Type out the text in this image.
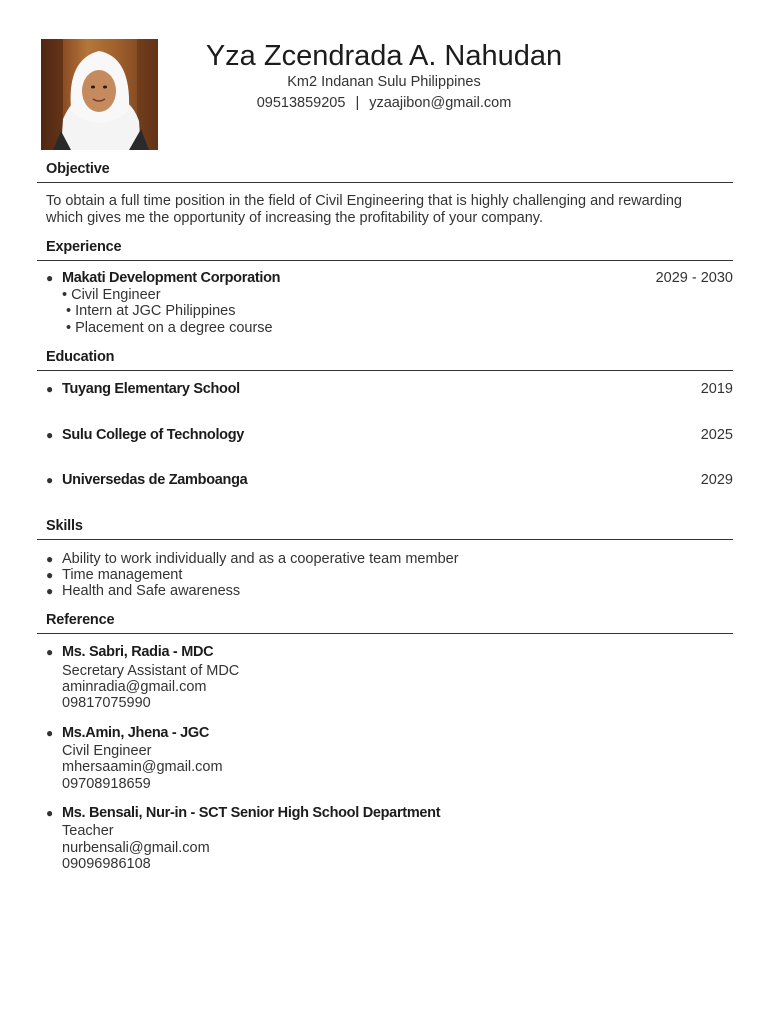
Yza Zcendrada A. Nahudan
Km2 Indanan Sulu Philippines
09513859205 | yzaajibon@gmail.com
Objective
To obtain a full time position in the field of Civil Engineering that is highly challenging and rewarding
which gives me the opportunity of increasing the profitability of your company.
Experience
● Makati Development Corporation	2029 - 2030
• Civil Engineer
• Intern at JGC Philippines
• Placement on a degree course
Education
● Tuyang Elementary School	2019
● Sulu College of Technology	2025
● Universedas de Zamboanga	2029
Skills
● Ability to work individually and as a cooperative team member
● Time management
● Health and Safe awareness
Reference
● Ms. Sabri, Radia - MDC
Secretary Assistant of MDC
aminradia@gmail.com
09817075990
● Ms.Amin, Jhena - JGC
Civil Engineer
mhersaamin@gmail.com
09708918659
● Ms. Bensali, Nur-in - SCT Senior High School Department
Teacher
nurbensali@gmail.com
09096986108
